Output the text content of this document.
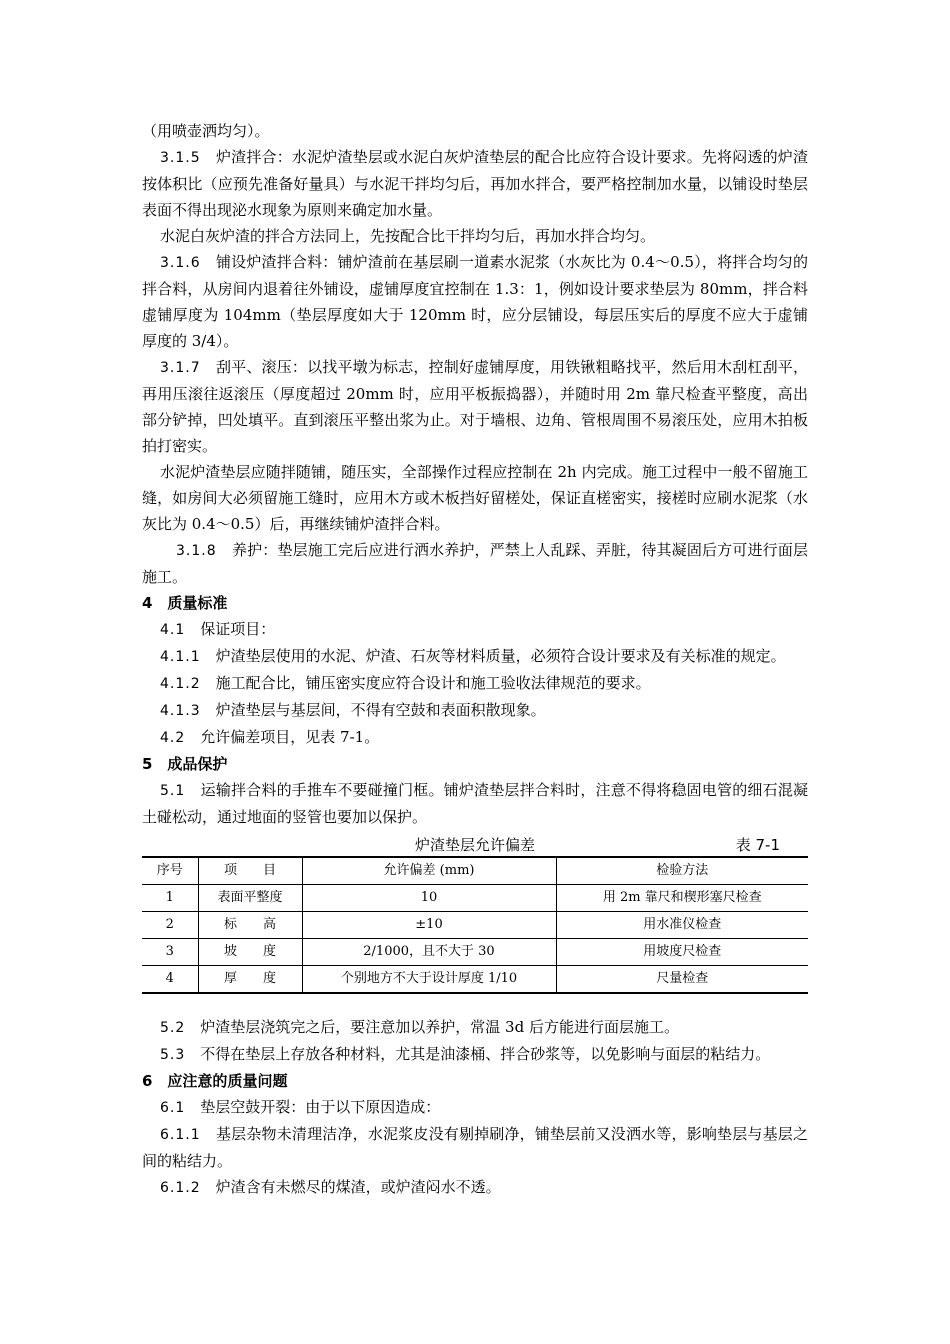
（用喷壶洒均匀）。

3.1.5　 炉渣拌合：水泥炉渣垫层或水泥白灰炉渣垫层的配合比应符合设计要求。先将闷透的炉渣按体积比（应预先准备好量具）与水泥干拌均匀后，再加水拌合，要严格控制加水量，以铺设时垫层表面不得出现泌水现象为原则来确定加水量。

水泥白灰炉渣的拌合方法同上，先按配合比干拌均匀后，再加水拌合均匀。

3.1.6　 铺设炉渣拌合料：铺炉渣前在基层刷一道素水泥浆（水灰比为 0.4～0.5），将拌合均匀的拌合料，从房间内退着往外铺设，虚铺厚度宜控制在 1.3：1，例如设计要求垫层为 80mm，拌合料虚铺厚度为 104mm（垫层厚度如大于 120mm 时，应分层铺设，每层压实后的厚度不应大于虚铺厚度的 3/4）。

3.1.7　 刮平、滚压：以找平墩为标志，控制好虚铺厚度，用铁锹粗略找平，然后用木刮杠刮平，再用压滚往返滚压（厚度超过 20mm 时，应用平板振捣器），并随时用 2m 靠尺检查平整度，高出部分铲掉，凹处填平。直到滚压平整出浆为止。对于墙根、边角、管根周围不易滚压处，应用木拍板拍打密实。

水泥炉渣垫层应随拌随铺，随压实，全部操作过程应控制在 2h 内完成。施工过程中一般不留施工缝，如房间大必须留施工缝时，应用木方或木板挡好留槎处，保证直槎密实，接槎时应刷水泥浆（水灰比为 0.4～0.5）后，再继续铺炉渣拌合料。

3.1.8　 养护：垫层施工完后应进行洒水养护，严禁上人乱踩、弄脏，待其凝固后方可进行面层施工。

4　质量标准

4.1　 保证项目：

4.1.1　 炉渣垫层使用的水泥、炉渣、石灰等材料质量，必须符合设计要求及有关标准的规定。

4.1.2　 施工配合比，铺压密实度应符合设计和施工验收法律规范的要求。

4.1.3　 炉渣垫层与基层间，不得有空鼓和表面积散现象。

4.2　 允许偏差项目，见表 7-1。

5　成品保护

5.1　 运输拌合料的手推车不要碰撞门框。铺炉渣垫层拌合料时，注意不得将稳固电管的细石混凝土碰松动，通过地面的竖管也要加以保护。

炉渣垫层允许偏差	表 7-1
序号	项　　目	允许偏差 (mm)	检验方法
1	表面平整度	10	用 2m 靠尺和楔形塞尺检查
2	标　　高	±10	用水准仪检查
3	坡　　度	2/1000，且不大于 30	用坡度尺检查
4	厚　　度	个别地方不大于设计厚度 1/10	尺量检查

5.2　 炉渣垫层浇筑完之后，要注意加以养护，常温 3d 后方能进行面层施工。

5.3　 不得在垫层上存放各种材料，尤其是油漆桶、拌合砂浆等，以免影响与面层的粘结力。

6　应注意的质量问题

6.1　 垫层空鼓开裂：由于以下原因造成：

6.1.1　 基层杂物未清理洁净，水泥浆皮没有剔掉刷净，铺垫层前又没洒水等，影响垫层与基层之间的粘结力。

6.1.2　 炉渣含有未燃尽的煤渣，或炉渣闷水不透。
